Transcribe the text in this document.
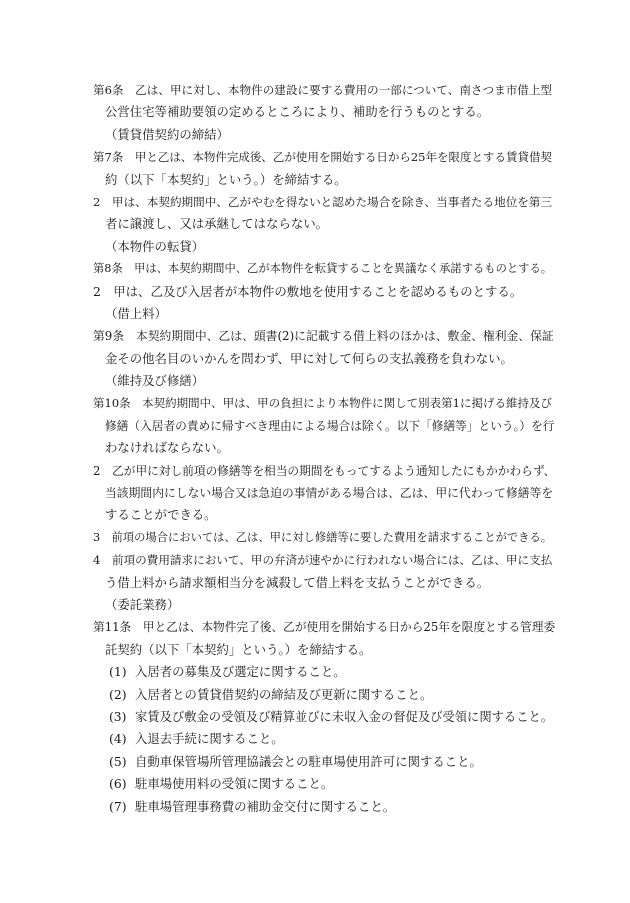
第6条　乙は、甲に対し、本物件の建設に要する費用の一部について、南さつま市借上型
公営住宅等補助要領の定めるところにより、補助を行うものとする。
（賃貸借契約の締結）
第7条　甲と乙は、本物件完成後、乙が使用を開始する日から25年を限度とする賃貸借契
約（以下「本契約」という。）を締結する。
2　甲は、本契約期間中、乙がやむを得ないと認めた場合を除き、当事者たる地位を第三
者に譲渡し、又は承継してはならない。
（本物件の転貸）
第8条　甲は、本契約期間中、乙が本物件を転貸することを異議なく承諾するものとする。
2　甲は、乙及び入居者が本物件の敷地を使用することを認めるものとする。
（借上料）
第9条　本契約期間中、乙は、頭書(2)に記載する借上料のほかは、敷金、権利金、保証
金その他名目のいかんを問わず、甲に対して何らの支払義務を負わない。
（維持及び修繕）
第10条　本契約期間中、甲は、甲の負担により本物件に関して別表第1に掲げる維持及び
修繕（入居者の責めに帰すべき理由による場合は除く。以下「修繕等」という。）を行
わなければならない。
2　乙が甲に対し前項の修繕等を相当の期間をもってするよう通知したにもかかわらず、
当該期間内にしない場合又は急迫の事情がある場合は、乙は、甲に代わって修繕等を
することができる。
3　前項の場合においては、乙は、甲に対し修繕等に要した費用を請求することができる。
4　前項の費用請求において、甲の弁済が速やかに行われない場合には、乙は、甲に支払
う借上料から請求額相当分を減殺して借上料を支払うことができる。
（委託業務）
第11条　甲と乙は、本物件完了後、乙が使用を開始する日から25年を限度とする管理委
託契約（以下「本契約」という。）を締結する。
(1) 入居者の募集及び選定に関すること。
(2) 入居者との賃貸借契約の締結及び更新に関すること。
(3) 家賃及び敷金の受領及び精算並びに未収入金の督促及び受領に関すること。
(4) 入退去手続に関すること。
(5) 自動車保管場所管理協議会との駐車場使用許可に関すること。
(6) 駐車場使用料の受領に関すること。
(7) 駐車場管理事務費の補助金交付に関すること。
